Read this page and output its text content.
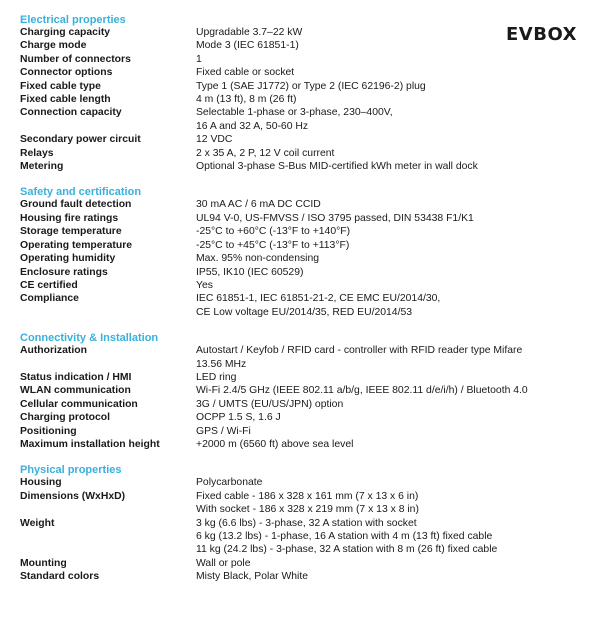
EVBOX
Electrical properties
Charging capacity	Upgradable 3.7–22 kW
Charge mode	Mode 3 (IEC 61851-1)
Number of connectors	1
Connector options	Fixed cable or socket
Fixed cable type	Type 1 (SAE J1772) or Type 2 (IEC 62196-2) plug
Fixed cable length	4 m (13 ft), 8 m (26 ft)
Connection capacity	Selectable 1-phase or 3-phase, 230–400V,
16 A and 32 A, 50-60 Hz
Secondary power circuit	12 VDC
Relays	2 x 35 A, 2 P, 12 V coil current
Metering	Optional 3-phase S-Bus MID-certified kWh meter in wall dock
Safety and certification
Ground fault detection	30 mA AC / 6 mA DC CCID
Housing fire ratings	UL94 V-0, US-FMVSS / ISO 3795 passed, DIN 53438 F1/K1
Storage temperature	-25°C to +60°C (-13°F to +140°F)
Operating temperature	-25°C to +45°C (-13°F to +113°F)
Operating humidity	Max. 95% non-condensing
Enclosure ratings	IP55, IK10 (IEC 60529)
CE certified	Yes
Compliance	IEC 61851-1, IEC 61851-21-2, CE EMC EU/2014/30,
CE Low voltage EU/2014/35, RED EU/2014/53
Connectivity & Installation
Authorization	Autostart / Keyfob / RFID card - controller with RFID reader type Mifare
13.56 MHz
Status indication / HMI	LED ring
WLAN communication	Wi-Fi 2.4/5 GHz (IEEE 802.11 a/b/g, IEEE 802.11 d/e/i/h) / Bluetooth 4.0
Cellular communication	3G / UMTS (EU/US/JPN) option
Charging protocol	OCPP 1.5 S, 1.6 J
Positioning	GPS / Wi-Fi
Maximum installation height	+2000 m (6560 ft) above sea level
Physical properties
Housing	Polycarbonate
Dimensions (WxHxD)	Fixed cable - 186 x 328 x 161 mm (7 x 13 x 6 in)
With socket - 186 x 328 x 219 mm (7 x 13 x 8 in)
Weight	3 kg (6.6 lbs) - 3-phase, 32 A station with socket
6 kg (13.2 lbs) - 1-phase, 16 A station with 4 m (13 ft) fixed cable
11 kg (24.2 lbs) - 3-phase, 32 A station with 8 m (26 ft) fixed cable
Mounting	Wall or pole
Standard colors	Misty Black, Polar White
